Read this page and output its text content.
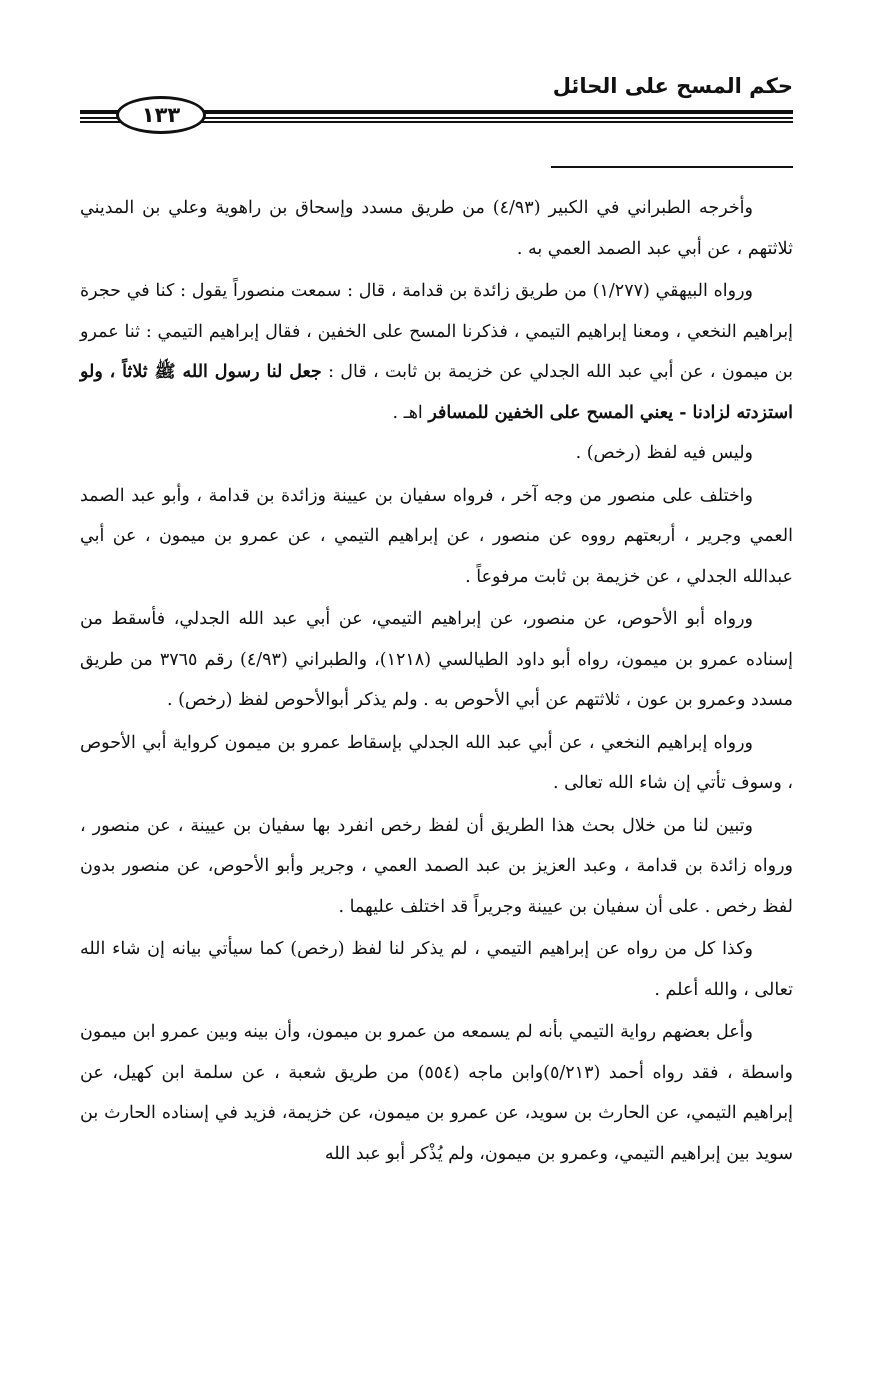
حكم المسح على الحائل
١٣٣

وأخرجه الطبراني في الكبير (٤/٩٣) من طريق مسدد وإسحاق بن راهوية وعلي بن المديني ثلاثتهم ، عن أبي عبد الصمد العمي به .

ورواه البيهقي (١/٢٧٧) من طريق زائدة بن قدامة ، قال : سمعت منصوراً يقول : كنا في حجرة إبراهيم النخعي ، ومعنا إبراهيم التيمي ، فذكرنا المسح على الخفين ، فقال إبراهيم التيمي : ثنا عمرو بن ميمون ، عن أبي عبد الله الجدلي عن خزيمة بن ثابت ، قال : جعل لنا رسول الله ﷺ ثلاثاً ، ولو استزدته لزادنا - يعني المسح على الخفين للمسافر اهـ .

وليس فيه لفظ (رخص) .

واختلف على منصور من وجه آخر ، فرواه سفيان بن عيينة وزائدة بن قدامة ، وأبو عبد الصمد العمي وجرير ، أربعتهم رووه عن منصور ، عن إبراهيم التيمي ، عن عمرو بن ميمون ، عن أبي عبدالله الجدلي ، عن خزيمة بن ثابت مرفوعاً .

ورواه أبو الأحوص، عن منصور، عن إبراهيم التيمي، عن أبي عبد الله الجدلي، فأسقط من إسناده عمرو بن ميمون، رواه أبو داود الطيالسي (١٢١٨)، والطبراني (٤/٩٣) رقم ٣٧٦٥ من طريق مسدد وعمرو بن عون ، ثلاثتهم عن أبي الأحوص به . ولم يذكر أبوالأحوص لفظ (رخص) .

ورواه إبراهيم النخعي ، عن أبي عبد الله الجدلي بإسقاط عمرو بن ميمون كرواية أبي الأحوص ، وسوف تأتي إن شاء الله تعالى .

وتبين لنا من خلال بحث هذا الطريق أن لفظ رخص انفرد بها سفيان بن عيينة ، عن منصور ، ورواه زائدة بن قدامة ، وعبد العزيز بن عبد الصمد العمي ، وجرير وأبو الأحوص، عن منصور بدون لفظ رخص . على أن سفيان بن عيينة وجريراً قد اختلف عليهما .

وكذا كل من رواه عن إبراهيم التيمي ، لم يذكر لنا لفظ (رخص) كما سيأتي بيانه إن شاء الله تعالى ، والله أعلم .

وأعل بعضهم رواية التيمي بأنه لم يسمعه من عمرو بن ميمون، وأن بينه وبين عمرو ابن ميمون واسطة ، فقد رواه أحمد (٥/٢١٣)وابن ماجه (٥٥٤) من طريق شعبة ، عن سلمة ابن كهيل، عن إبراهيم التيمي، عن الحارث بن سويد، عن عمرو بن ميمون، عن خزيمة، فزيد في إسناده الحارث بن سويد بين إبراهيم التيمي، وعمرو بن ميمون، ولم يُذْكر أبو عبد الله
